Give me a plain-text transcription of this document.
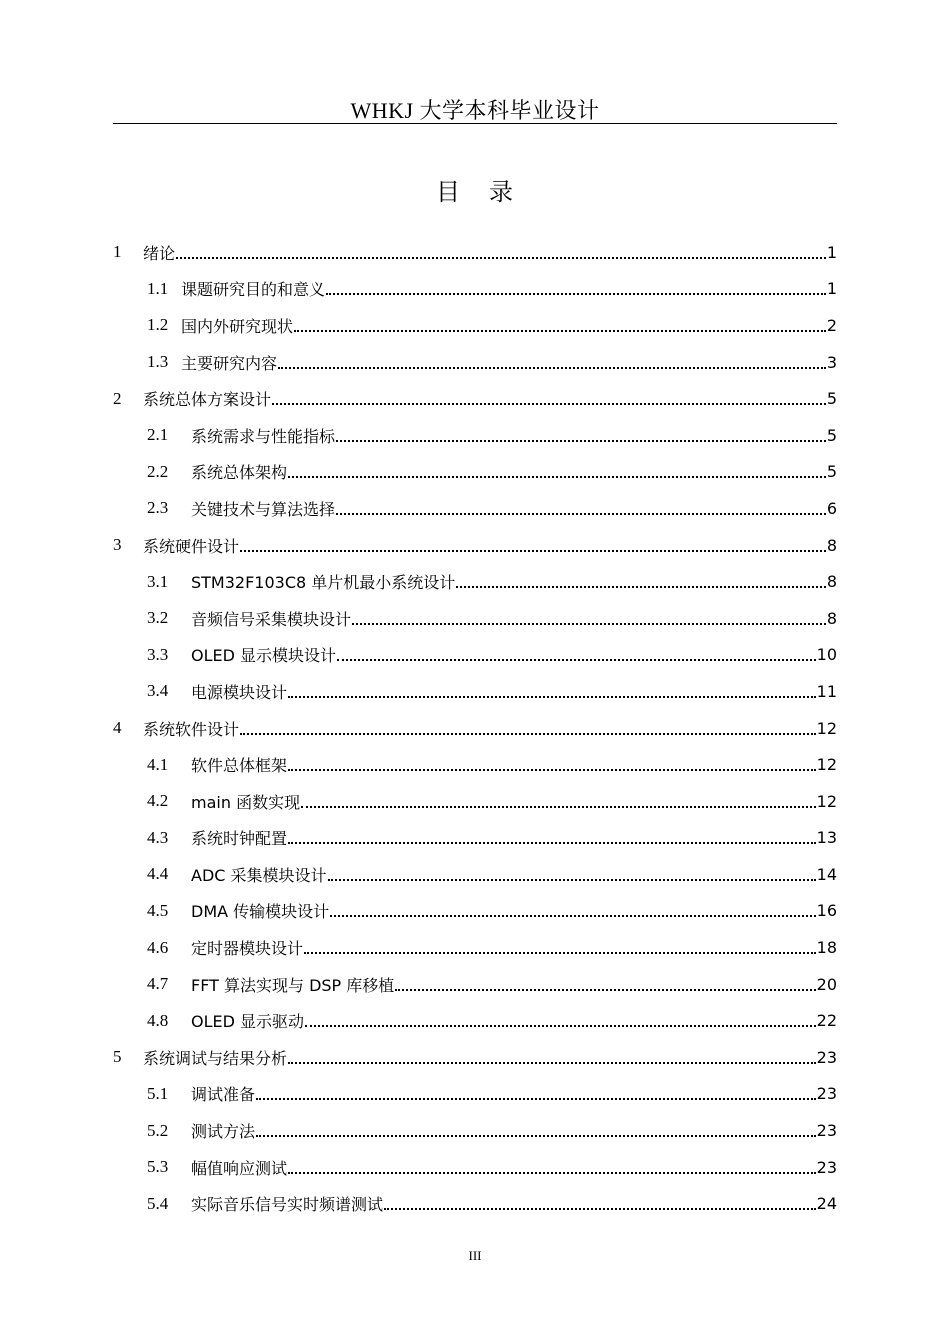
WHKJ 大学本科毕业设计
目 录
1	绪论	1
1.1 课题研究目的和意义	1
1.2 国内外研究现状	2
1.3 主要研究内容	3
2	系统总体方案设计	5
2.1	系统需求与性能指标	5
2.2	系统总体架构	5
2.3	关键技术与算法选择	6
3	系统硬件设计	8
3.1	STM32F103C8 单片机最小系统设计	8
3.2	音频信号采集模块设计	8
3.3	OLED 显示模块设计	10
3.4	电源模块设计	11
4	系统软件设计	12
4.1	软件总体框架	12
4.2	main 函数实现	12
4.3	系统时钟配置	13
4.4	ADC 采集模块设计	14
4.5	DMA 传输模块设计	16
4.6	定时器模块设计	18
4.7	FFT 算法实现与 DSP 库移植	20
4.8	OLED 显示驱动	22
5	系统调试与结果分析	23
5.1	调试准备	23
5.2	测试方法	23
5.3	幅值响应测试	23
5.4	实际音乐信号实时频谱测试	24
III
